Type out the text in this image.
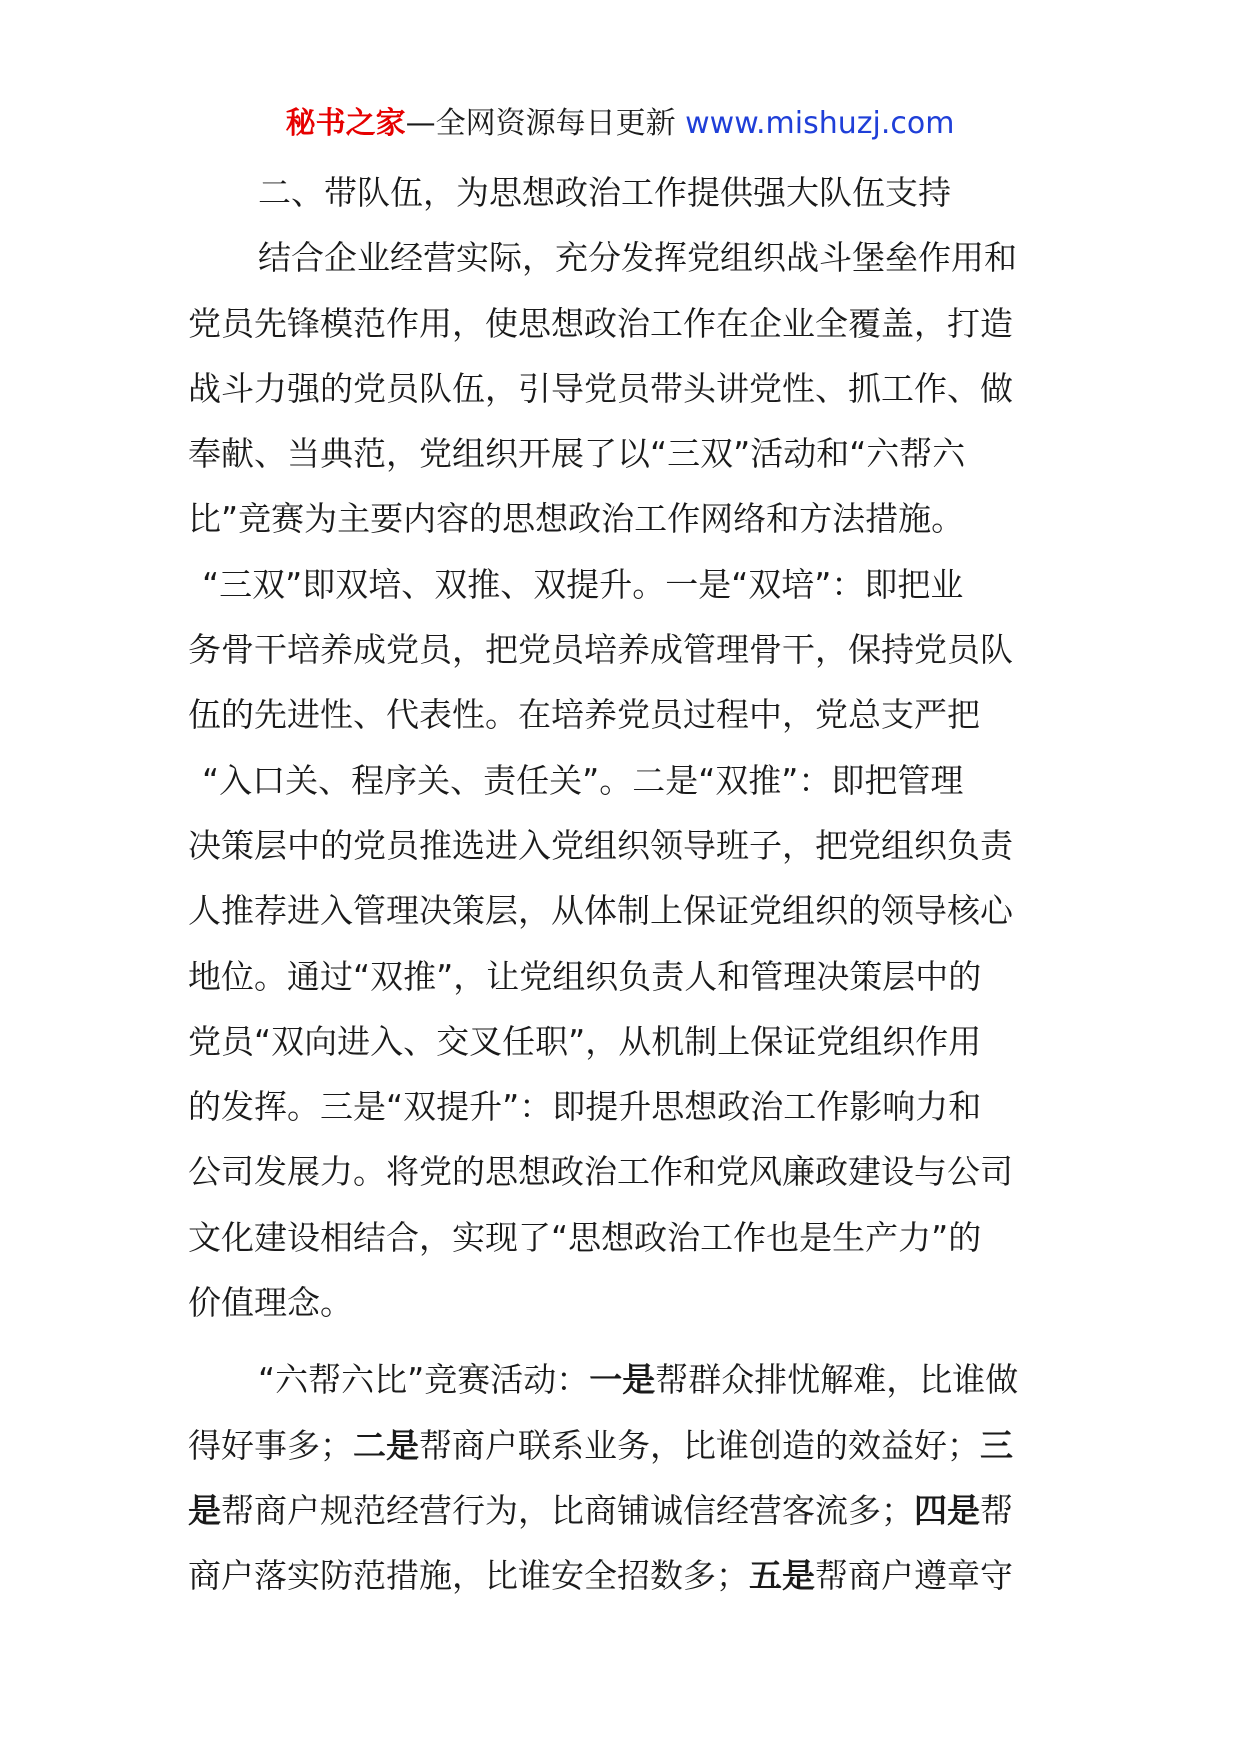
秘书之家—全网资源每日更新 www.mishuzj.com
二、带队伍，为思想政治工作提供强大队伍支持
结合企业经营实际，充分发挥党组织战斗堡垒作用和
党员先锋模范作用，使思想政治工作在企业全覆盖，打造
战斗力强的党员队伍，引导党员带头讲党性、抓工作、做
奉献、当典范，党组织开展了以“三双”活动和“六帮六
比”竞赛为主要内容的思想政治工作网络和方法措施。
“三双”即双培、双推、双提升。一是“双培”：即把业
务骨干培养成党员，把党员培养成管理骨干，保持党员队
伍的先进性、代表性。在培养党员过程中，党总支严把
“入口关、程序关、责任关”。二是“双推”：即把管理
决策层中的党员推选进入党组织领导班子，把党组织负责
人推荐进入管理决策层，从体制上保证党组织的领导核心
地位。通过“双推”，让党组织负责人和管理决策层中的
党员“双向进入、交叉任职”，从机制上保证党组织作用
的发挥。三是“双提升”：即提升思想政治工作影响力和
公司发展力。将党的思想政治工作和党风廉政建设与公司
文化建设相结合，实现了“思想政治工作也是生产力”的
价值理念。
“六帮六比”竞赛活动：一是帮群众排忧解难，比谁做
得好事多；二是帮商户联系业务，比谁创造的效益好；三
是帮商户规范经营行为，比商铺诚信经营客流多；四是帮
商户落实防范措施，比谁安全招数多；五是帮商户遵章守
